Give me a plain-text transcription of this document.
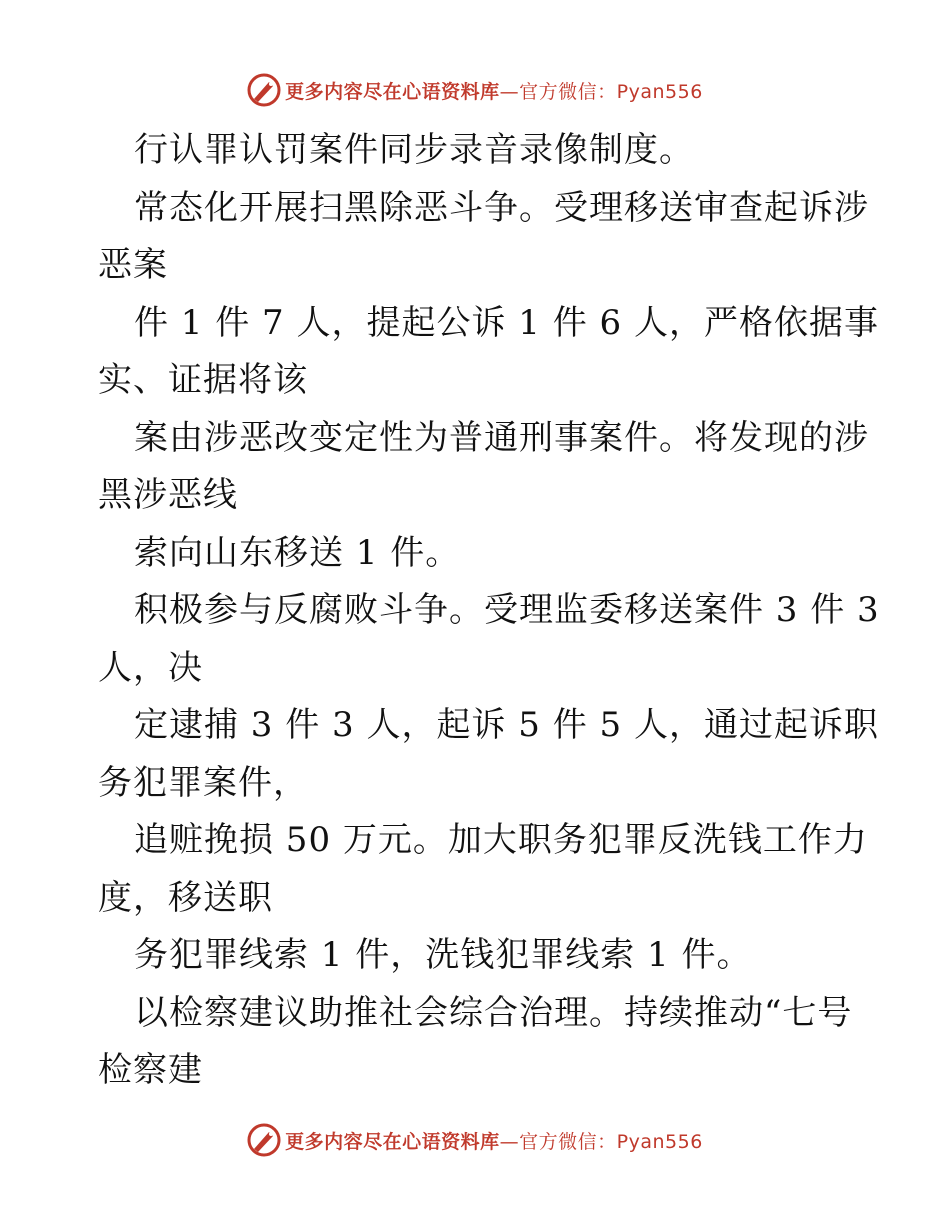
更多内容尽在心语资料库 —官方微信：Pyan556
行认罪认罚案件同步录音录像制度。
常态化开展扫黑除恶斗争。受理移送审查起诉涉
恶案
件 1 件 7 人，提起公诉 1 件 6 人，严格依据事
实、证据将该
案由涉恶改变定性为普通刑事案件。将发现的涉
黑涉恶线
索向山东移送 1 件。
积极参与反腐败斗争。受理监委移送案件 3 件 3
人，决
定逮捕 3 件 3 人，起诉 5 件 5 人，通过起诉职
务犯罪案件，
追赃挽损 50 万元。加大职务犯罪反洗钱工作力
度，移送职
务犯罪线索 1 件，洗钱犯罪线索 1 件。
以检察建议助推社会综合治理。持续推动“七号
检察建
更多内容尽在心语资料库 —官方微信：Pyan556
